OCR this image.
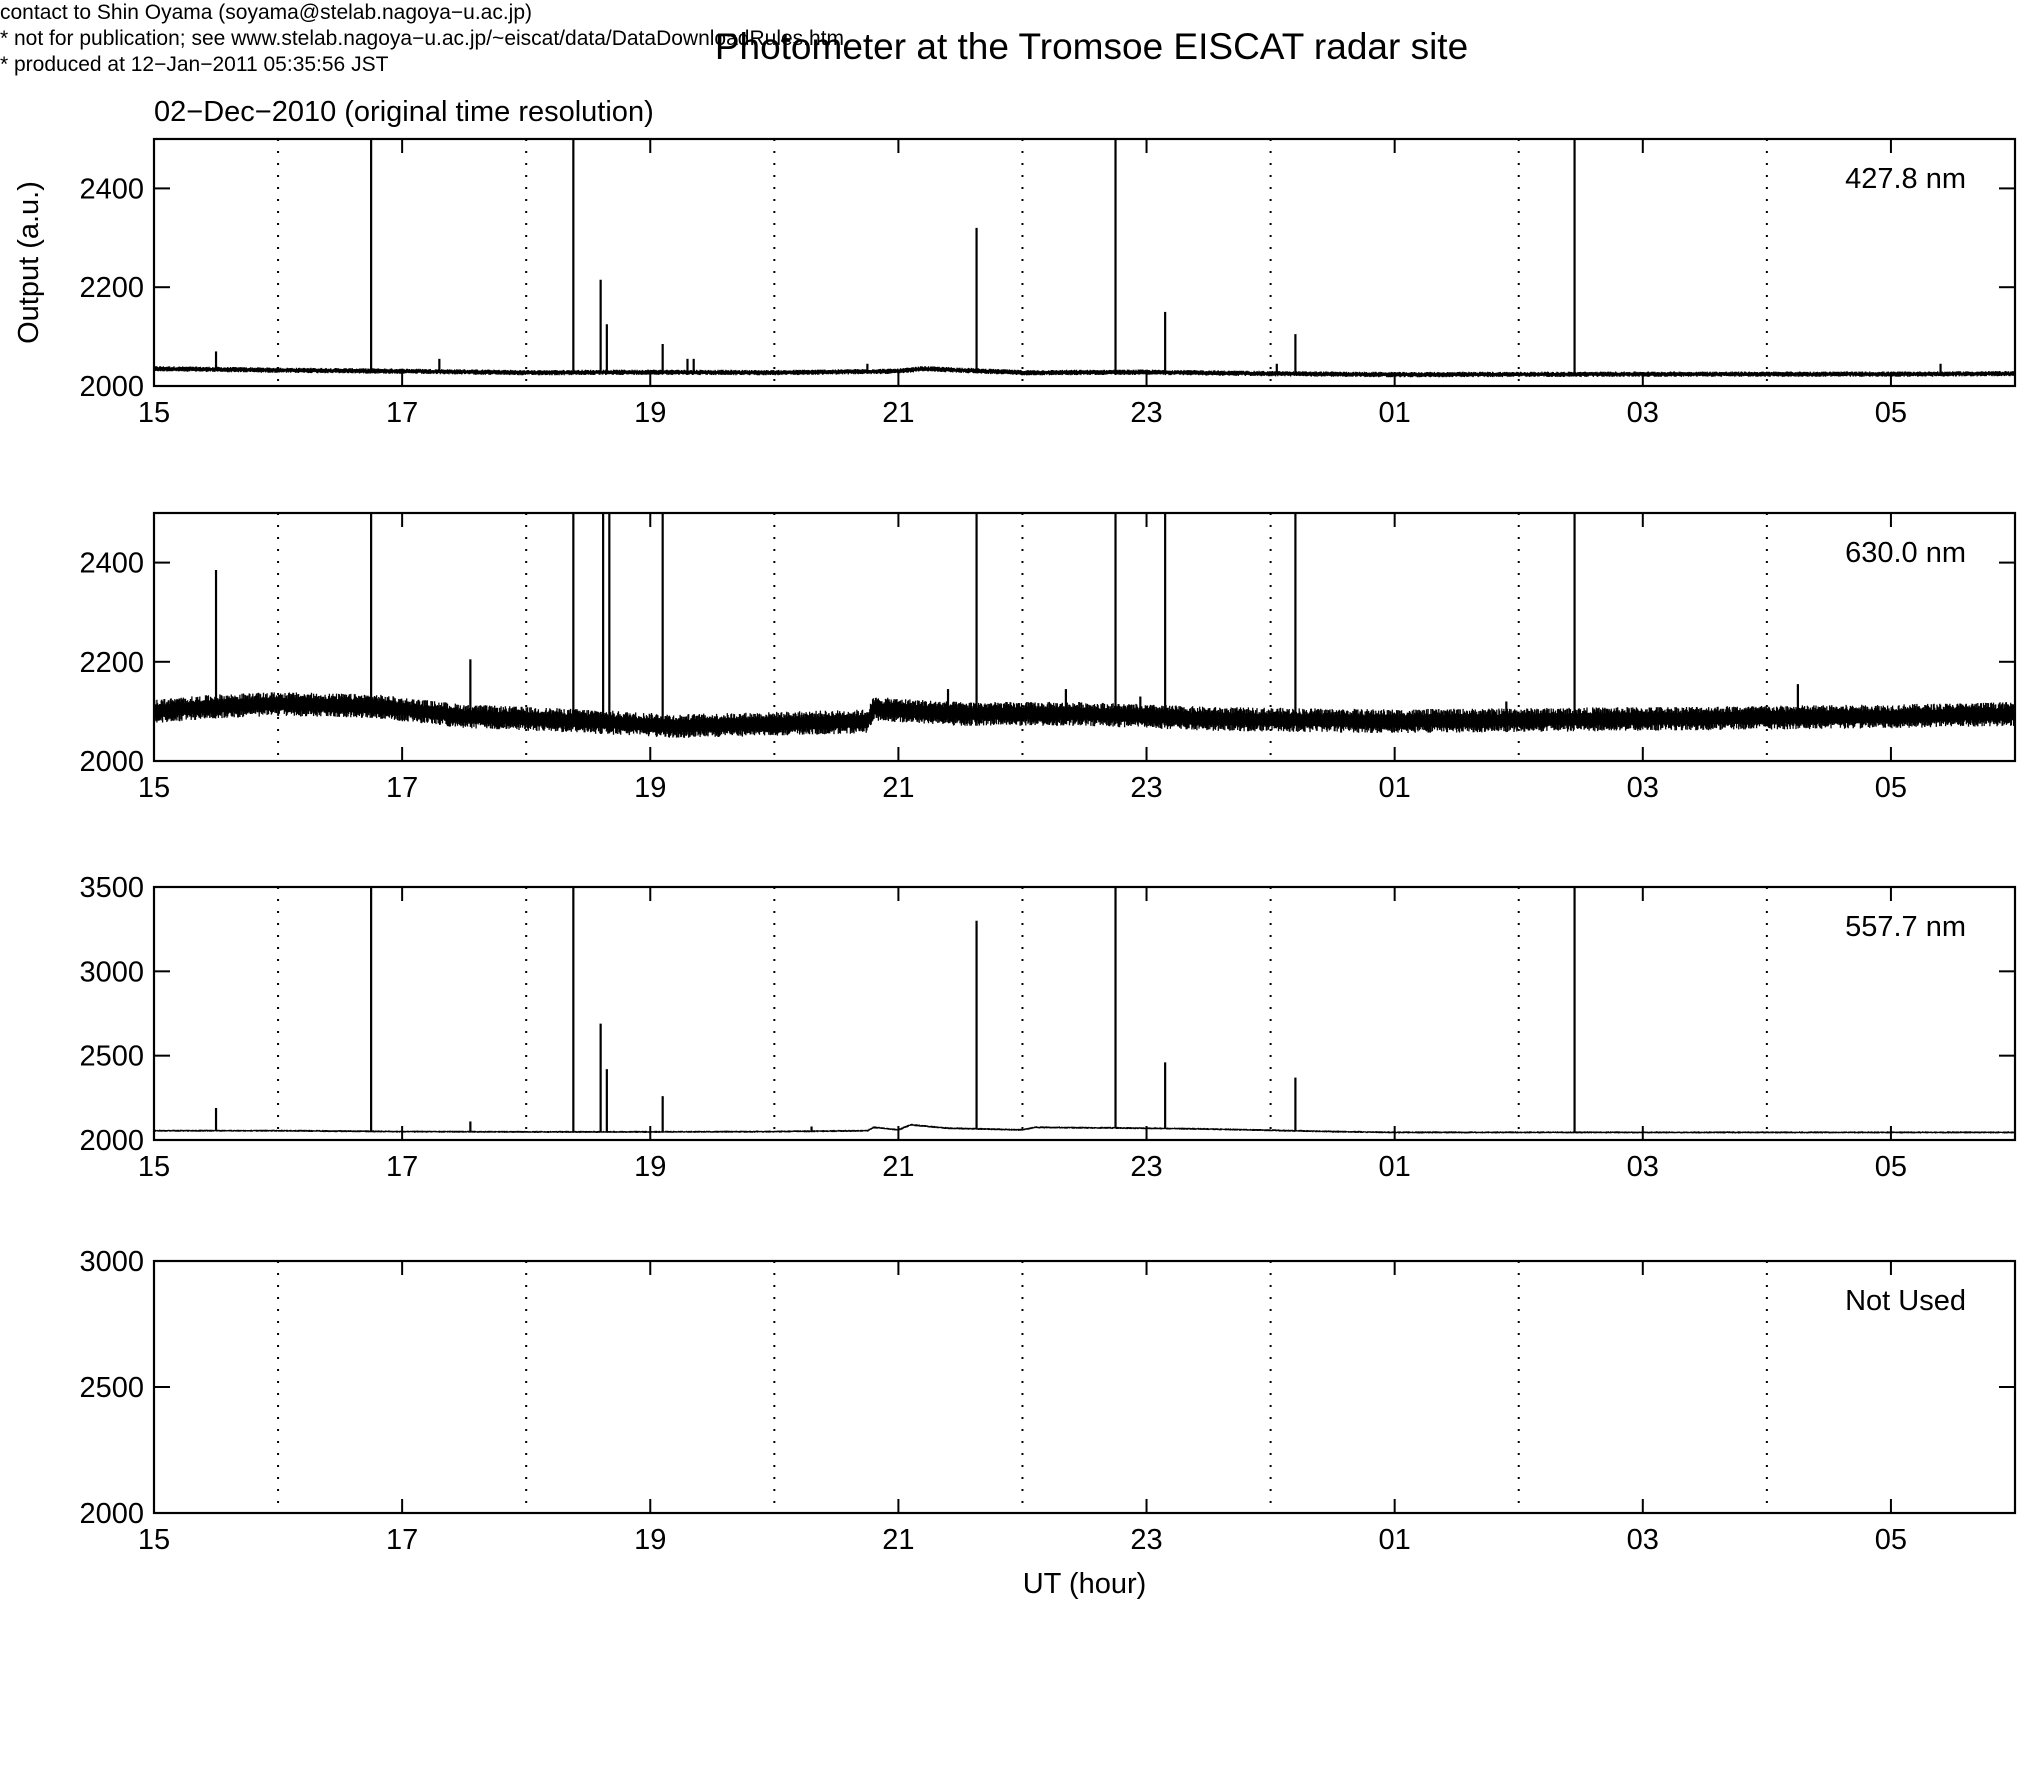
15	17	19	21	23	01	03	05
2000
2200
2400	427.8 nm
Output (a.u.)
15	17	19	21	23	01	03	05
2000
2200
2400	630.0 nm
15	17	19	21	23	01	03	05
2000
2500
3000
3500
557.7 nm
15	17	19	21	23	01	03	05
2000
2500
3000
Not Used
UT (hour)
Photometer at the Tromsoe EISCAT radar site
02−Dec−2010 (original time resolution)
contact to Shin Oyama (soyama@stelab.nagoya−u.ac.jp)
* not for publication; see www.stelab.nagoya−u.ac.jp/~eiscat/data/DataDownloadRules.htm
* produced at 12−Jan−2011 05:35:56 JST
